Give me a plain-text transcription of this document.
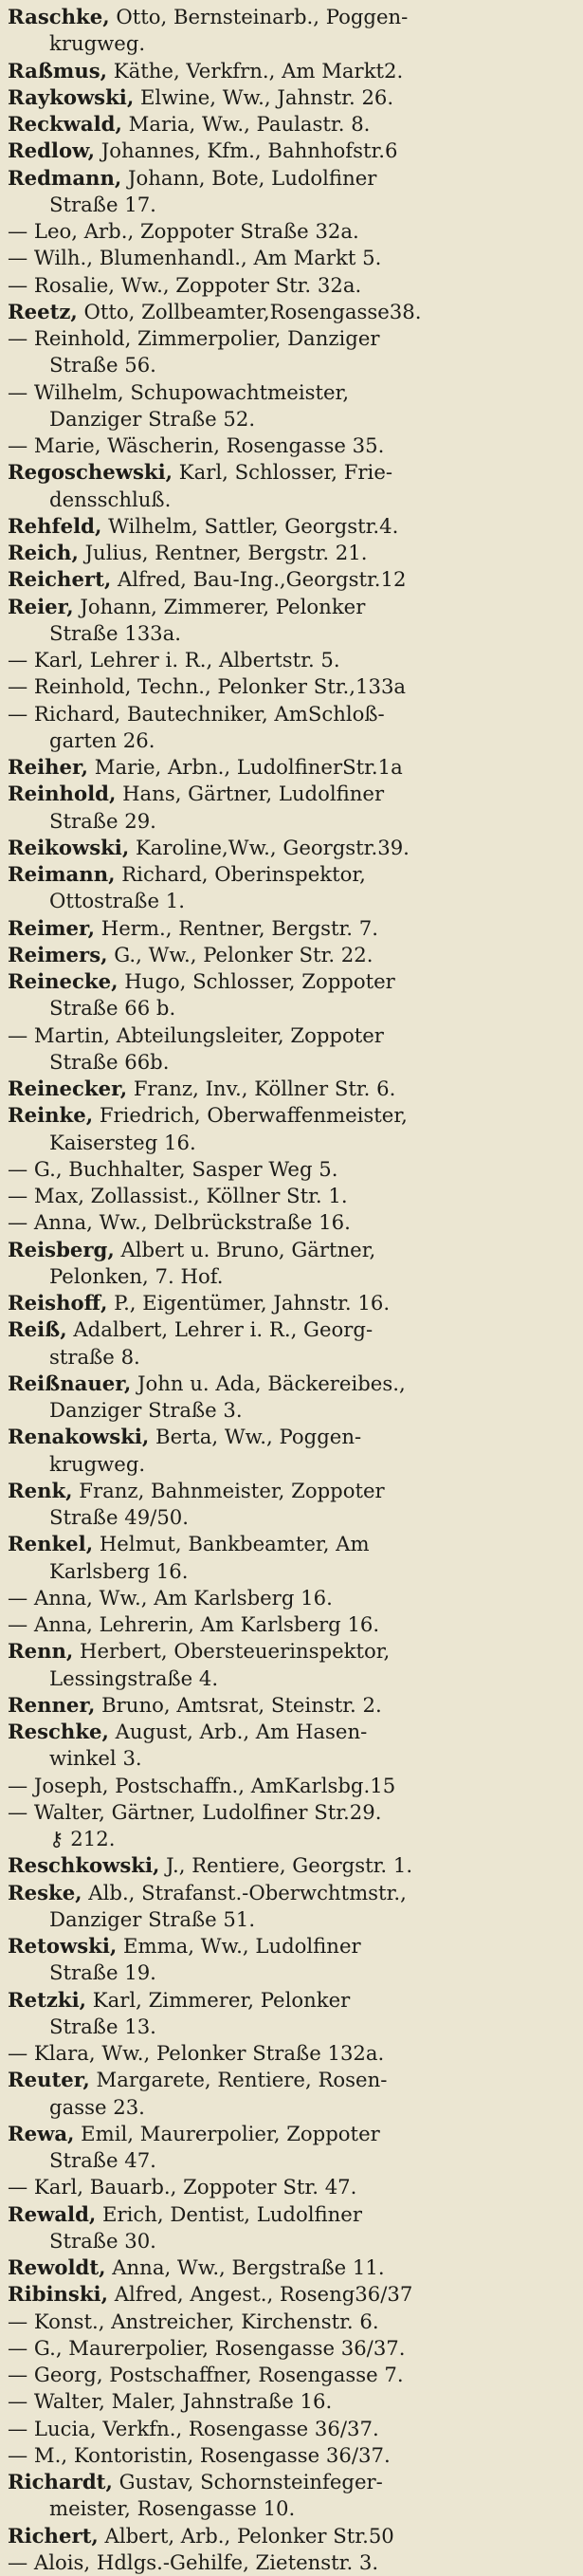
Raschke, Otto, Bernsteinarb., Poggen-
krugweg.
Raßmus, Käthe, Verkfrn., Am Markt2.
Raykowski, Elwine, Ww., Jahnstr. 26.
Reckwald, Maria, Ww., Paulastr. 8.
Redlow, Johannes, Kfm., Bahnhofstr.6
Redmann, Johann, Bote, Ludolfiner
Straße 17.
— Leo, Arb., Zoppoter Straße 32a.
— Wilh., Blumenhandl., Am Markt 5.
— Rosalie, Ww., Zoppoter Str. 32a.
Reetz, Otto, Zollbeamter,Rosengasse38.
— Reinhold, Zimmerpolier, Danziger
Straße 56.
— Wilhelm, Schupowachtmeister,
Danziger Straße 52.
— Marie, Wäscherin, Rosengasse 35.
Regoschewski, Karl, Schlosser, Frie-
densschluß.
Rehfeld, Wilhelm, Sattler, Georgstr.4.
Reich, Julius, Rentner, Bergstr. 21.
Reichert, Alfred, Bau-Ing.,Georgstr.12
Reier, Johann, Zimmerer, Pelonker
Straße 133a.
— Karl, Lehrer i. R., Albertstr. 5.
— Reinhold, Techn., Pelonker Str.,133a
— Richard, Bautechniker, AmSchloß-
garten 26.
Reiher, Marie, Arbn., LudolfinerStr.1a
Reinhold, Hans, Gärtner, Ludolfiner
Straße 29.
Reikowski, Karoline,Ww., Georgstr.39.
Reimann, Richard, Oberinspektor,
Ottostraße 1.
Reimer, Herm., Rentner, Bergstr. 7.
Reimers, G., Ww., Pelonker Str. 22.
Reinecke, Hugo, Schlosser, Zoppoter
Straße 66 b.
— Martin, Abteilungsleiter, Zoppoter
Straße 66b.
Reinecker, Franz, Inv., Köllner Str. 6.
Reinke, Friedrich, Oberwaffenmeister,
Kaisersteg 16.
— G., Buchhalter, Sasper Weg 5.
— Max, Zollassist., Köllner Str. 1.
— Anna, Ww., Delbrückstraße 16.
Reisberg, Albert u. Bruno, Gärtner,
Pelonken, 7. Hof.
Reishoff, P., Eigentümer, Jahnstr. 16.
Reiß, Adalbert, Lehrer i. R., Georg-
straße 8.
Reißnauer, John u. Ada, Bäckereibes.,
Danziger Straße 3.
Renakowski, Berta, Ww., Poggen-
krugweg.
Renk, Franz, Bahnmeister, Zoppoter
Straße 49/50.
Renkel, Helmut, Bankbeamter, Am
Karlsberg 16.
— Anna, Ww., Am Karlsberg 16.
— Anna, Lehrerin, Am Karlsberg 16.
Renn, Herbert, Obersteuerinspektor,
Lessingstraße 4.
Renner, Bruno, Amtsrat, Steinstr. 2.
Reschke, August, Arb., Am Hasen-
winkel 3.
— Joseph, Postschaffn., AmKarlsbg.15
— Walter, Gärtner, Ludolfiner Str.29.
⚷ 212.
Reschkowski, J., Rentiere, Georgstr. 1.
Reske, Alb., Strafanst.-Oberwchtmstr.,
Danziger Straße 51.
Retowski, Emma, Ww., Ludolfiner
Straße 19.
Retzki, Karl, Zimmerer, Pelonker
Straße 13.
— Klara, Ww., Pelonker Straße 132a.
Reuter, Margarete, Rentiere, Rosen-
gasse 23.
Rewa, Emil, Maurerpolier, Zoppoter
Straße 47.
— Karl, Bauarb., Zoppoter Str. 47.
Rewald, Erich, Dentist, Ludolfiner
Straße 30.
Rewoldt, Anna, Ww., Bergstraße 11.
Ribinski, Alfred, Angest., Roseng36/37
— Konst., Anstreicher, Kirchenstr. 6.
— G., Maurerpolier, Rosengasse 36/37.
— Georg, Postschaffner, Rosengasse 7.
— Walter, Maler, Jahnstraße 16.
— Lucia, Verkfn., Rosengasse 36/37.
— M., Kontoristin, Rosengasse 36/37.
Richardt, Gustav, Schornsteinfeger-
meister, Rosengasse 10.
Richert, Albert, Arb., Pelonker Str.50
— Alois, Hdlgs.-Gehilfe, Zietenstr. 3.
